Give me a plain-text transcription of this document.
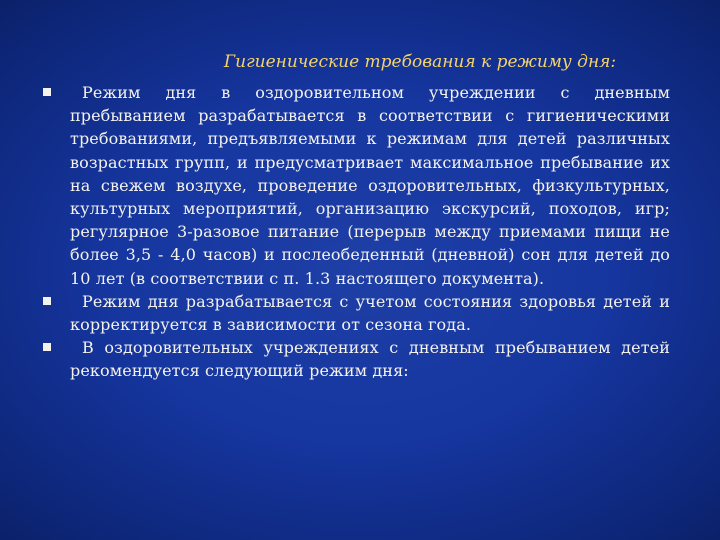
Гигиенические требования к режиму дня:
Режим дня в оздоровительном учреждении с дневным пребыванием разрабатывается в соответствии с гигиеническими требованиями, предъявляемыми к режимам для детей различных возрастных групп, и предусматривает максимальное пребывание их на свежем воздухе, проведение оздоровительных, физкультурных, культурных мероприятий, организацию экскурсий, походов, игр; регулярное 3-разовое питание (перерыв между приемами пищи не более 3,5 - 4,0 часов) и послеобеденный (дневной) сон для детей до 10 лет (в соответствии с п. 1.3 настоящего документа).
Режим дня разрабатывается с учетом состояния здоровья детей и корректируется в зависимости от сезона года.
В оздоровительных учреждениях с дневным пребыванием детей рекомендуется следующий режим дня:
